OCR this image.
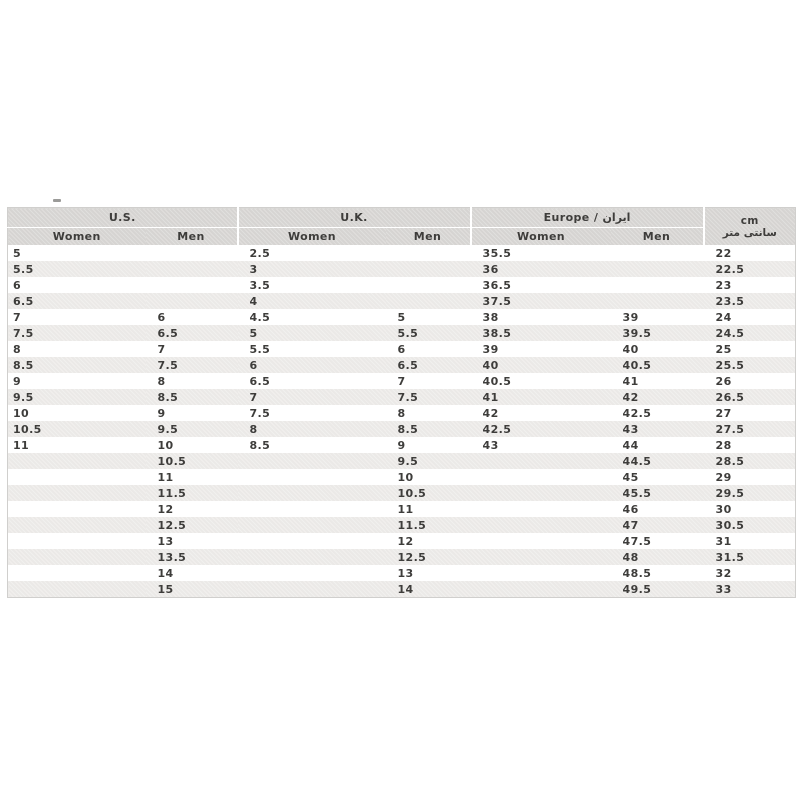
U.S.		U.K.		Europe / ایران		cm
سانتی متر

Women	Men	Women	Men	Women	Men	
5		2.5		35.5		22
5.5		3		36		22.5
6		3.5		36.5		23
6.5		4		37.5		23.5
7	6	4.5	5	38	39	24
7.5	6.5	5	5.5	38.5	39.5	24.5
8	7	5.5	6	39	40	25
8.5	7.5	6	6.5	40	40.5	25.5
9	8	6.5	7	40.5	41	26
9.5	8.5	7	7.5	41	42	26.5
10	9	7.5	8	42	42.5	27
10.5	9.5	8	8.5	42.5	43	27.5
11	10	8.5	9	43	44	28
	10.5		9.5		44.5	28.5
	11		10		45	29
	11.5		10.5		45.5	29.5
	12		11		46	30
	12.5		11.5		47	30.5
	13		12		47.5	31
	13.5		12.5		48	31.5
	14		13		48.5	32
	15		14		49.5	33
